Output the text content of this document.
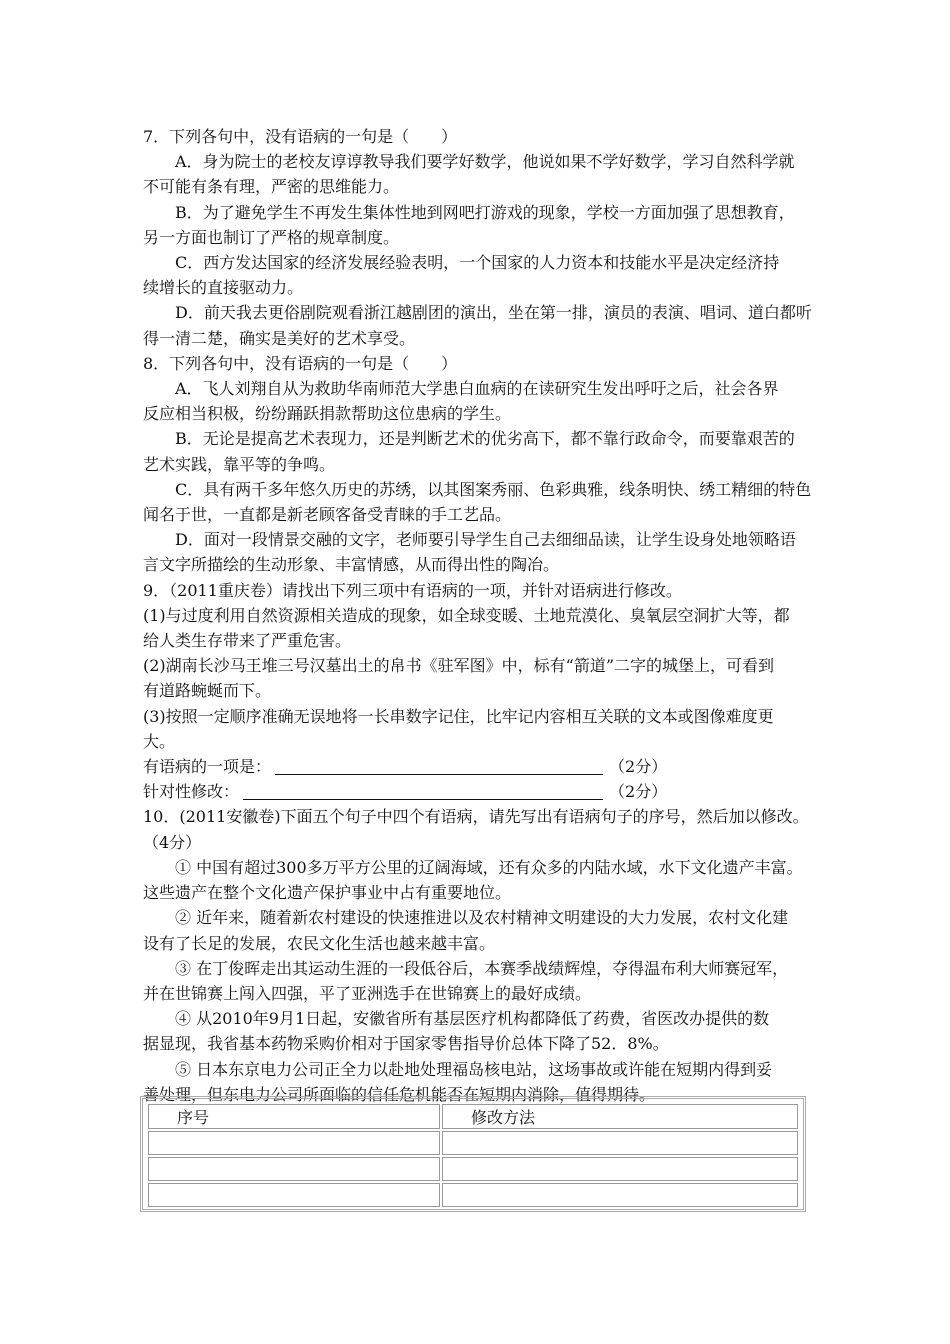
7．下列各句中，没有语病的一句是（　　）
A．身为院士的老校友谆谆教导我们要学好数学，他说如果不学好数学，学习自然科学就
不可能有条有理，严密的思维能力。
B．为了避免学生不再发生集体性地到网吧打游戏的现象，学校一方面加强了思想教育，
另一方面也制订了严格的规章制度。
C．西方发达国家的经济发展经验表明，一个国家的人力资本和技能水平是决定经济持
续增长的直接驱动力。
D．前天我去更俗剧院观看浙江越剧团的演出，坐在第一排，演员的表演、唱词、道白都听
得一清二楚，确实是美好的艺术享受。
8．下列各句中，没有语病的一句是（　　）
A．飞人刘翔自从为救助华南师范大学患白血病的在读研究生发出呼吁之后，社会各界
反应相当积极，纷纷踊跃捐款帮助这位患病的学生。
B．无论是提高艺术表现力，还是判断艺术的优劣高下，都不靠行政命令，而要靠艰苦的
艺术实践，靠平等的争鸣。
C．具有两千多年悠久历史的苏绣，以其图案秀丽、色彩典雅，线条明快、绣工精细的特色
闻名于世，一直都是新老顾客备受青睐的手工艺品。
D．面对一段情景交融的文字，老师要引导学生自己去细细品读，让学生设身处地领略语
言文字所描绘的生动形象、丰富情感，从而得出性的陶冶。
9．（2011重庆卷）请找出下列三项中有语病的一项，并针对语病进行修改。
(1)与过度利用自然资源相关造成的现象，如全球变暖、土地荒漠化、臭氧层空洞扩大等，都
给人类生存带来了严重危害。
(2)湖南长沙马王堆三号汉墓出土的帛书《驻军图》中，标有“箭道”二字的城堡上，可看到
有道路蜿蜒而下。
(3)按照一定顺序准确无误地将一长串数字记住，比牢记内容相互关联的文本或图像难度更
大。
有语病的一项是：	（2分）
针对性修改：	（2分）
10．(2011安徽卷)下面五个句子中四个有语病，请先写出有语病句子的序号，然后加以修改。
（4分）
① 中国有超过300多万平方公里的辽阔海域，还有众多的内陆水域，水下文化遗产丰富。
这些遗产在整个文化遗产保护事业中占有重要地位。
② 近年来，随着新农村建设的快速推进以及农村精神文明建设的大力发展，农村文化建
设有了长足的发展，农民文化生活也越来越丰富。
③ 在丁俊晖走出其运动生涯的一段低谷后，本赛季战绩辉煌，夺得温布利大师赛冠军，
并在世锦赛上闯入四强，平了亚洲选手在世锦赛上的最好成绩。
④ 从2010年9月1日起，安徽省所有基层医疗机构都降低了药费，省医改办提供的数
据显现，我省基本药物采购价相对于国家零售指导价总体下降了52．8%。
⑤ 日本东京电力公司正全力以赴地处理福岛核电站，这场事故或许能在短期内得到妥
善处理，但东电力公司所面临的信任危机能否在短期内消除，值得期待。
序号	修改方法
